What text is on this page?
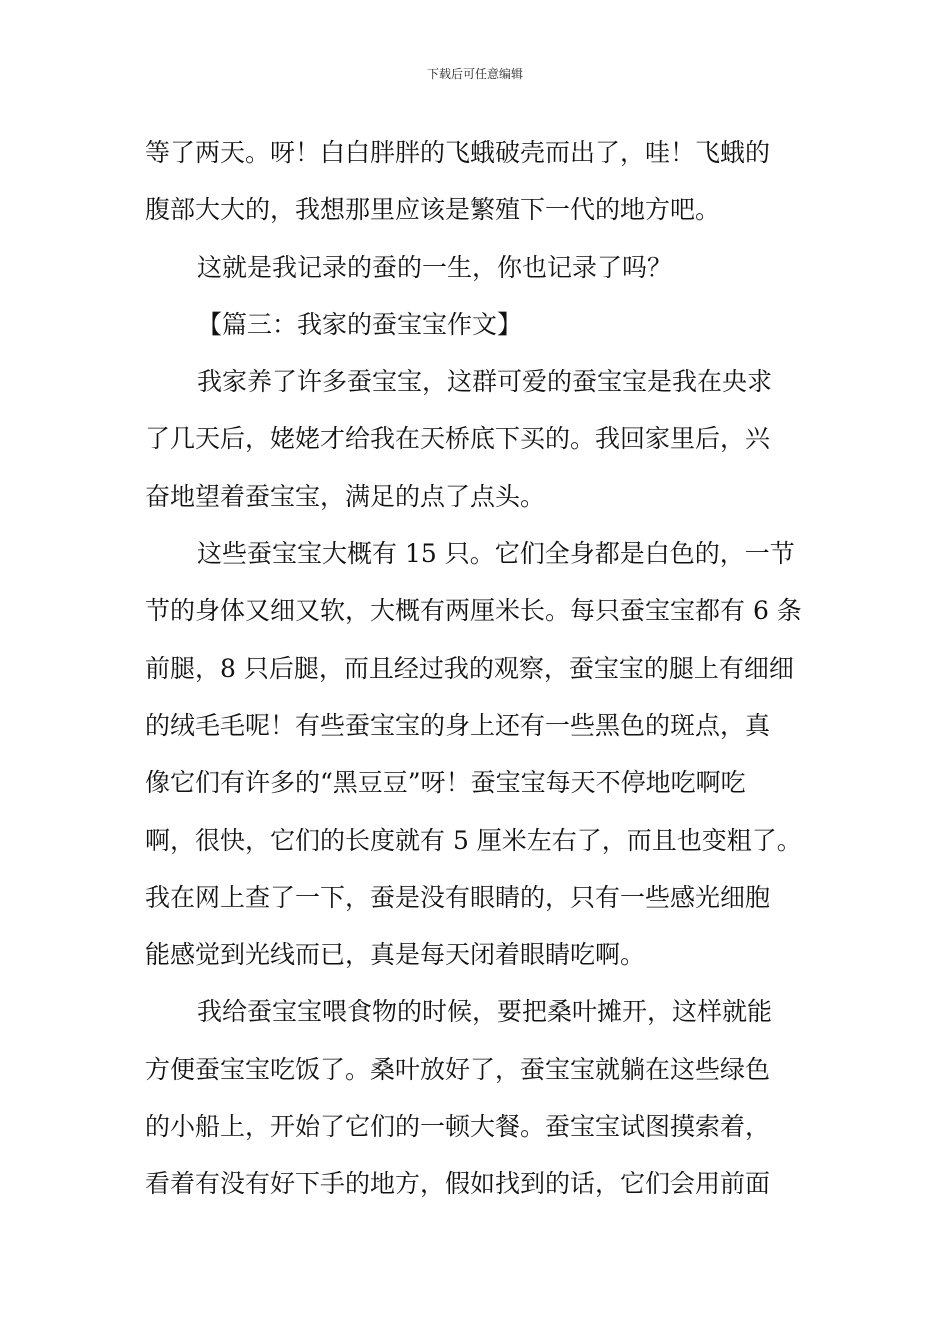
下载后可任意编辑
等了两天。呀！白白胖胖的飞蛾破壳而出了，哇！飞蛾的
腹部大大的，我想那里应该是繁殖下一代的地方吧。
这就是我记录的蚕的一生，你也记录了吗？
【篇三：我家的蚕宝宝作文】
我家养了许多蚕宝宝，这群可爱的蚕宝宝是我在央求
了几天后，姥姥才给我在天桥底下买的。我回家里后，兴
奋地望着蚕宝宝，满足的点了点头。
这些蚕宝宝大概有 15 只。它们全身都是白色的，一节
节的身体又细又软，大概有两厘米长。每只蚕宝宝都有 6 条
前腿，8 只后腿，而且经过我的观察，蚕宝宝的腿上有细细
的绒毛毛呢！有些蚕宝宝的身上还有一些黑色的斑点，真
像它们有许多的“黑豆豆”呀！蚕宝宝每天不停地吃啊吃
啊，很快，它们的长度就有 5 厘米左右了，而且也变粗了。
我在网上查了一下，蚕是没有眼睛的，只有一些感光细胞
能感觉到光线而已，真是每天闭着眼睛吃啊。
我给蚕宝宝喂食物的时候，要把桑叶摊开，这样就能
方便蚕宝宝吃饭了。桑叶放好了，蚕宝宝就躺在这些绿色
的小船上，开始了它们的一顿大餐。蚕宝宝试图摸索着，
看着有没有好下手的地方，假如找到的话，它们会用前面
